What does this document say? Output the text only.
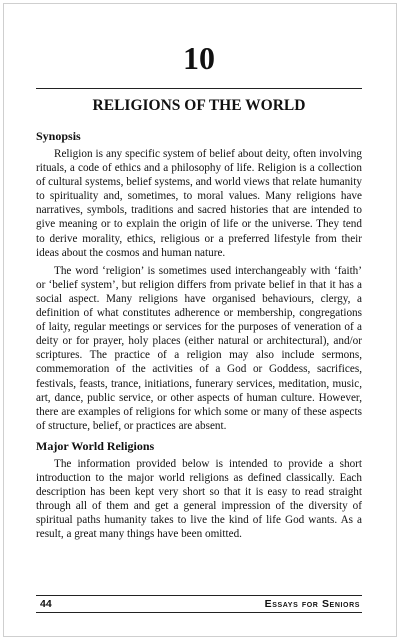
10
RELIGIONS OF THE WORLD
Synopsis

Religion is any specific system of belief about deity, often involving rituals, a code of ethics and a philosophy of life. Religion is a collection of cultural systems, belief systems, and world views that relate humanity to spirituality and, sometimes, to moral values. Many religions have narratives, symbols, traditions and sacred histories that are intended to give meaning or to explain the origin of life or the universe. They tend to derive morality, ethics, religious or a preferred lifestyle from their ideas about the cosmos and human nature.

The word ‘religion’ is sometimes used interchangeably with ‘faith’ or ‘belief system’, but religion differs from private belief in that it has a social aspect. Many religions have organised behaviours, clergy, a definition of what constitutes adherence or membership, congregations of laity, regular meetings or services for the purposes of veneration of a deity or for prayer, holy places (either natural or architectural), and/or scriptures. The practice of a religion may also include sermons, commemoration of the activities of a God or Goddess, sacrifices, festivals, feasts, trance, initiations, funerary services, meditation, music, art, dance, public service, or other aspects of human culture. However, there are examples of religions for which some or many of these aspects of structure, belief, or practices are absent.

Major World Religions

The information provided below is intended to provide a short introduction to the major world religions as defined classically. Each description has been kept very short so that it is easy to read straight through all of them and get a general impression of the diversity of spiritual paths humanity takes to live the kind of life God wants. As a result, a great many things have been omitted.

44	Essays for Seniors
